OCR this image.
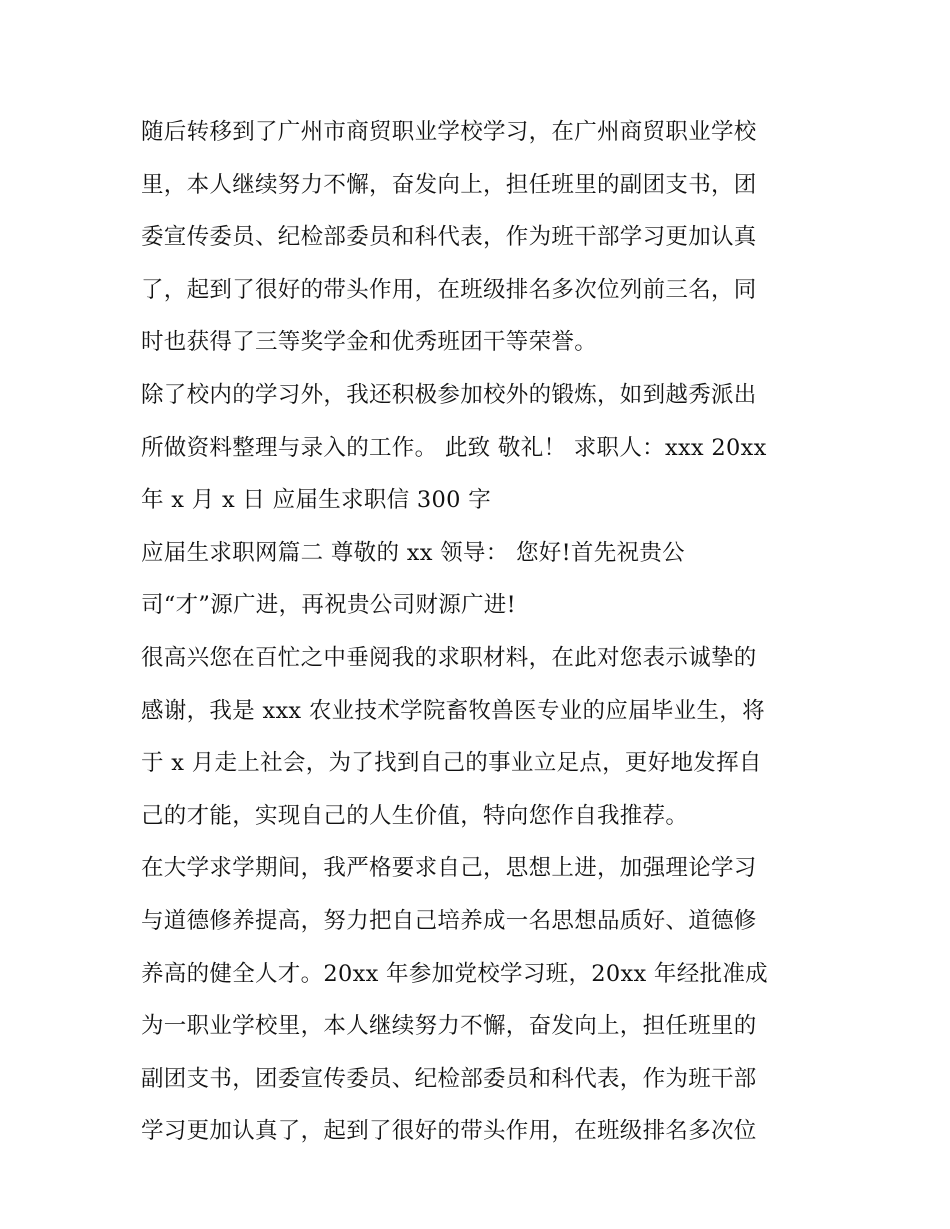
随后转移到了广州市商贸职业学校学习，在广州商贸职业学校
里，本人继续努力不懈，奋发向上，担任班里的副团支书，团
委宣传委员、纪检部委员和科代表，作为班干部学习更加认真
了，起到了很好的带头作用，在班级排名多次位列前三名，同
时也获得了三等奖学金和优秀班团干等荣誉。
除了校内的学习外，我还积极参加校外的锻炼，如到越秀派出
所做资料整理与录入的工作。 此致 敬礼！ 求职人：xxx 20xx
年 x 月 x 日 应届生求职信 300 字
应届生求职网篇二 尊敬的 xx 领导： 您好!首先祝贵公
司“才”源广进，再祝贵公司财源广进!
很高兴您在百忙之中垂阅我的求职材料，在此对您表示诚挚的
感谢，我是 xxx 农业技术学院畜牧兽医专业的应届毕业生，将
于 x 月走上社会，为了找到自己的事业立足点，更好地发挥自
己的才能，实现自己的人生价值，特向您作自我推荐。
在大学求学期间，我严格要求自己，思想上进，加强理论学习
与道德修养提高，努力把自己培养成一名思想品质好、道德修
养高的健全人才。20xx 年参加党校学习班，20xx 年经批准成
为一职业学校里，本人继续努力不懈，奋发向上，担任班里的
副团支书，团委宣传委员、纪检部委员和科代表，作为班干部
学习更加认真了，起到了很好的带头作用，在班级排名多次位
